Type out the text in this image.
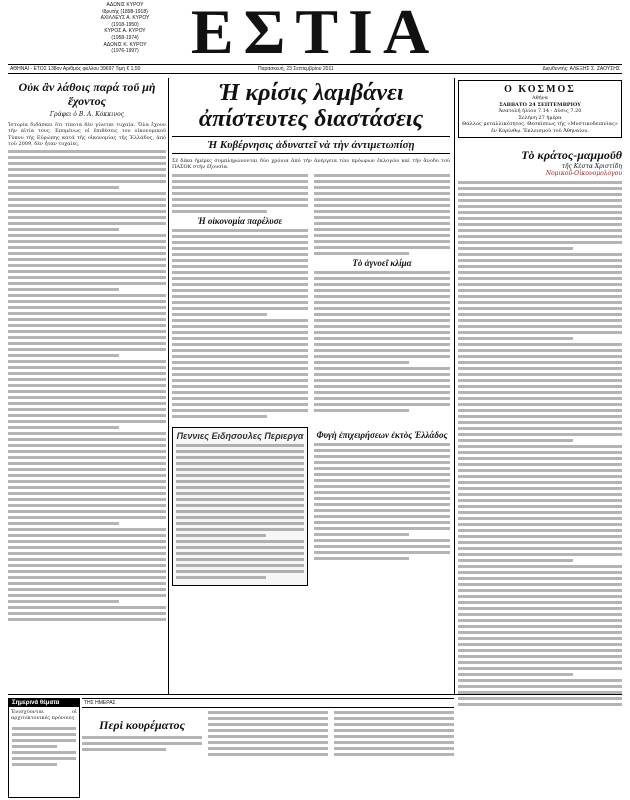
ΑΔΩΝΙΣ ΚΥΡΟΥ
Ιδρυτής (1898-1918)
ΑΧΙΛΛΕΥΣ Α. ΚΥΡΟΥ
(1918-1950)
ΚΥΡΟΣ Α. ΚΥΡΟΥ
(1958-1974)
ΑΔΩΝΙΣ Κ. ΚΥΡΟΥ
(1976-1997) ΕΣΤΙΑ
ΑΘΗΝΑΙ - ΕΤΟΣ 138ον Αριθμός φύλλου 39697 Τιμή € 1,50	Παρασκευή, 23 Σεπτεμβρίου 2011	Διευθυντής: ΑΛΕΞΗΣ Σ. ΖΑΟΥΣΗΣ
Οὐκ ἂν λάθοις παρά τοῦ μὴ ἔχοντος
Γράφει ὁ Β. Α. Κόκκινος

Ἱστορία διδάσκει ὅτι τίποτα δὲν γίνεται τυχαῖα. Ὅλα ἔχουν τὴν αἰτία τους. Επομένως οἱ ἐπιθέσεις του οἰκονομικοῦ Τύπου τῆς Εὐρώπης κατά τῆς οἰκονομίας τῆς Ἑλλάδος, ἀπὸ τοῦ 2009, δὲν ἦταν τυχαῖες.

Ἡ κρίσις λαμβάνει ἀπίστευτες διαστάσεις
Ἡ Κυβέρνησις ἀδυνατεῖ νὰ τὴν ἀντιμετωπίσῃ

Σέ δέκα ἡμέρες συμπληρώνονται δύο χρόνια ἀπό τήν ἀνέργεια τῶν πρόωρων ἐκλογῶν καί τήν ἄνοδο τοῦ ΠΑΣΟΚ στήν ἐξουσία.

Ἡ οἰκονομία παρέλυσε
Τὸ ἀγνοεῖ κλίμα
Πεννιες Ειδησουλες Περιεργα Φυγὴ ἐπιχειρήσεων ἐκτὸς Ἑλλάδος
Ο ΚΟΣΜΟΣ
Αθήνα
ΣΑΒΒΑΤΟ 24 ΣΕΠΤΕΜΒΡΙΟΥ
Ἀνατολή ἡλίου 7.14 - Δύσις 7.20
Σελήνη 27 ἡμέρα
Θάλλος μεταλλικότητος. Θεσπίσεως τῆς «Μυστικοδειπνίας» ἐν Κορίνθῳ. Ἐκλεισμοῦ τοῦ Ἀθηναίου.
Τὸ κράτος-μαμμοῦθ
τῆς Κέστα Χριστίδη
Νομικοῦ-Οἰκονομολόγου
Σημερινά θέματα
Ἐνισχύονται οἱ αρχιτεκτονικές πρόνοιες
ΤΗΣ ΗΜΕΡΑΣ
Περὶ κουρέματος
